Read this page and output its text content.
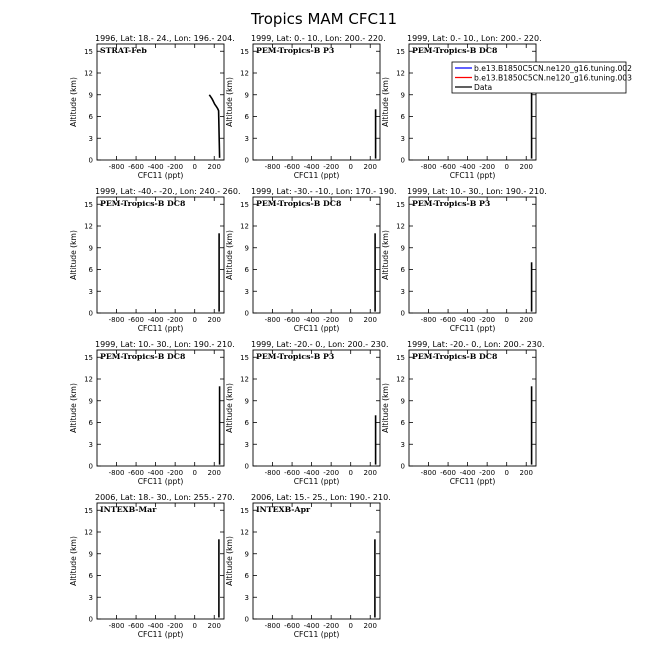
Tropics MAM CFC11
1996, Lat: 18.- 24., Lon: 196.- 204.
STRAT-Feb
0
3
6
9
12
15
-800 -600 -400 -200 0 200
CFC11 (ppt)
Altitude (km)
1999, Lat: 0.- 10., Lon: 200.- 220.
PEM-Tropics-B P3
0
3
6
9
12
15
-800 -600 -400 -200 0 200
CFC11 (ppt)
Altitude (km)
1999, Lat: 0.- 10., Lon: 200.- 220.
PEM-Tropics-B DC8
0
3
6
9
12
15
-800 -600 -400 -200 0 200
CFC11 (ppt)
Altitude (km)
1999, Lat: -40.- -20., Lon: 240.- 260.
PEM-Tropics-B DC8
0
3
6
9
12
15
-800 -600 -400 -200 0 200
CFC11 (ppt)
Altitude (km)
1999, Lat: -30.- -10., Lon: 170.- 190.
PEM-Tropics-B DC8
0
3
6
9
12
15
-800 -600 -400 -200 0 200
CFC11 (ppt)
Altitude (km)
1999, Lat: 10.- 30., Lon: 190.- 210.
PEM-Tropics-B P3
0
3
6
9
12
15
-800 -600 -400 -200 0 200
CFC11 (ppt)
Altitude (km)
1999, Lat: 10.- 30., Lon: 190.- 210.
PEM-Tropics-B DC8
0
3
6
9
12
15
-800 -600 -400 -200 0 200
CFC11 (ppt)
Altitude (km)
1999, Lat: -20.- 0., Lon: 200.- 230.
PEM-Tropics-B P3
0
3
6
9
12
15
-800 -600 -400 -200 0 200
CFC11 (ppt)
Altitude (km)
1999, Lat: -20.- 0., Lon: 200.- 230.
PEM-Tropics-B DC8
0
3
6
9
12
15
-800 -600 -400 -200 0 200
CFC11 (ppt)
Altitude (km)
2006, Lat: 18.- 30., Lon: 255.- 270.
INTEXB-Mar
0
3
6
9
12
15
-800 -600 -400 -200 0 200
CFC11 (ppt)
Altitude (km)
2006, Lat: 15.- 25., Lon: 190.- 210.
INTEXB-Apr
0
3
6
9
12
15
-800 -600 -400 -200 0 200
CFC11 (ppt)
Altitude (km)
b.e13.B1850C5CN.ne120_g16.tuning.002
b.e13.B1850C5CN.ne120_g16.tuning.003
Data
